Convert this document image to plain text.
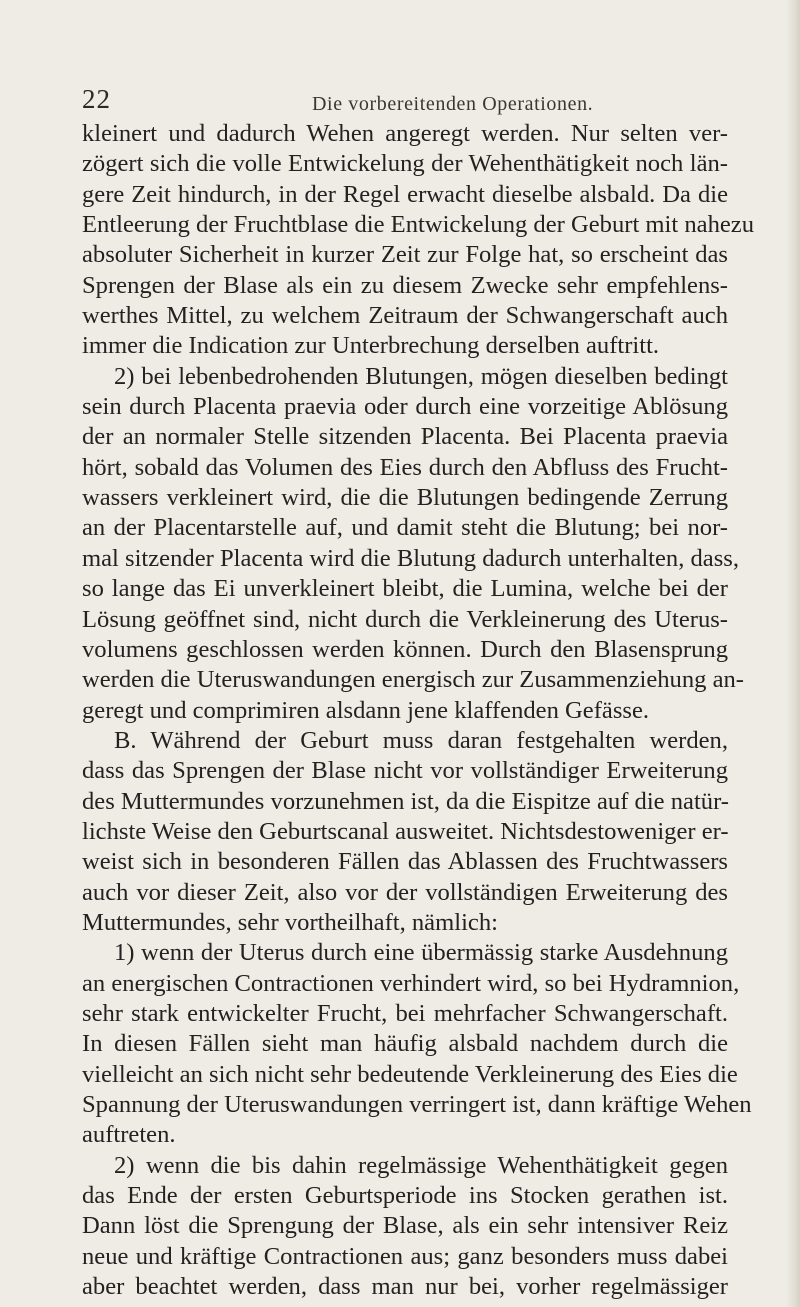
22	Die vorbereitenden Operationen.
kleinert und dadurch Wehen angeregt werden. Nur selten ver-
zögert sich die volle Entwickelung der Wehenthätigkeit noch län-
gere Zeit hindurch, in der Regel erwacht dieselbe alsbald. Da die
Entleerung der Fruchtblase die Entwickelung der Geburt mit nahezu
absoluter Sicherheit in kurzer Zeit zur Folge hat, so erscheint das
Sprengen der Blase als ein zu diesem Zwecke sehr empfehlens-
werthes Mittel, zu welchem Zeitraum der Schwangerschaft auch
immer die Indication zur Unterbrechung derselben auftritt.
2) bei lebenbedrohenden Blutungen, mögen dieselben bedingt
sein durch Placenta praevia oder durch eine vorzeitige Ablösung
der an normaler Stelle sitzenden Placenta. Bei Placenta praevia
hört, sobald das Volumen des Eies durch den Abfluss des Frucht-
wassers verkleinert wird, die die Blutungen bedingende Zerrung
an der Placentarstelle auf, und damit steht die Blutung; bei nor-
mal sitzender Placenta wird die Blutung dadurch unterhalten, dass,
so lange das Ei unverkleinert bleibt, die Lumina, welche bei der
Lösung geöffnet sind, nicht durch die Verkleinerung des Uterus-
volumens geschlossen werden können. Durch den Blasensprung
werden die Uteruswandungen energisch zur Zusammenziehung an-
geregt und comprimiren alsdann jene klaffenden Gefässe.
B. Während der Geburt muss daran festgehalten werden,
dass das Sprengen der Blase nicht vor vollständiger Erweiterung
des Muttermundes vorzunehmen ist, da die Eispitze auf die natür-
lichste Weise den Geburtscanal ausweitet. Nichtsdestoweniger er-
weist sich in besonderen Fällen das Ablassen des Fruchtwassers
auch vor dieser Zeit, also vor der vollständigen Erweiterung des
Muttermundes, sehr vortheilhaft, nämlich:
1) wenn der Uterus durch eine übermässig starke Ausdehnung
an energischen Contractionen verhindert wird, so bei Hydramnion,
sehr stark entwickelter Frucht, bei mehrfacher Schwangerschaft.
In diesen Fällen sieht man häufig alsbald nachdem durch die
vielleicht an sich nicht sehr bedeutende Verkleinerung des Eies die
Spannung der Uteruswandungen verringert ist, dann kräftige Wehen
auftreten.
2) wenn die bis dahin regelmässige Wehenthätigkeit gegen
das Ende der ersten Geburtsperiode ins Stocken gerathen ist.
Dann löst die Sprengung der Blase, als ein sehr intensiver Reiz
neue und kräftige Contractionen aus; ganz besonders muss dabei
aber beachtet werden, dass man nur bei, vorher regelmässiger
